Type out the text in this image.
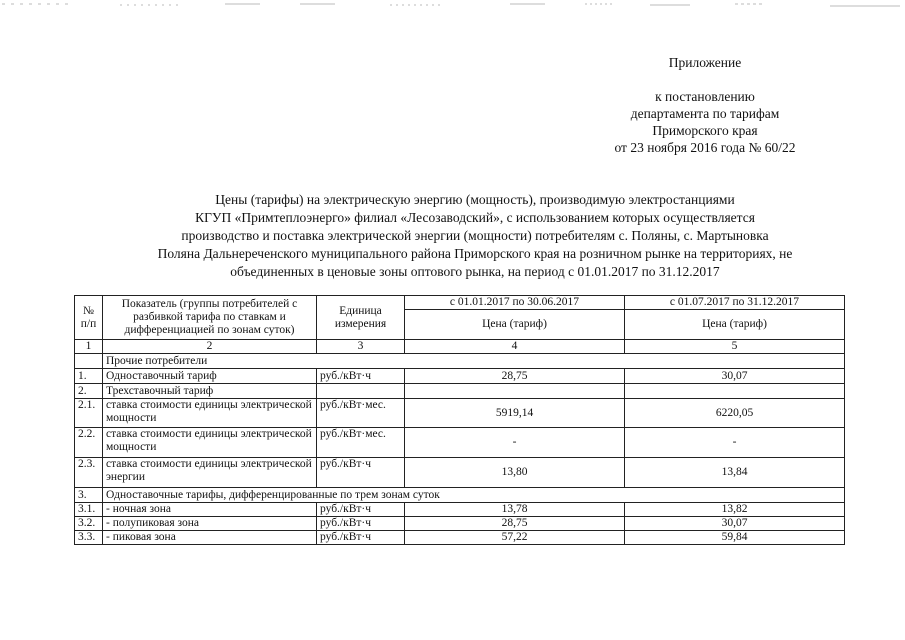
Приложение
к постановлению
департамента по тарифам
Приморского края
от 23 ноября 2016 года № 60/22
Цены (тарифы) на электрическую энергию (мощность), производимую электростанциями
КГУП «Примтеплоэнерго» филиал «Лесозаводский», с использованием которых осуществляется
производство и поставка электрической энергии (мощности) потребителям с. Поляны, с. Мартыновка
Поляна Дальнереченского муниципального района Приморского края на розничном рынке на территориях, не
объединенных в ценовые зоны оптового рынка, на период с 01.01.2017 по 31.12.2017
№ п/п	Показатель (группы потребителей с разбивкой тарифа по ставкам и дифференциацией по зонам суток)	Единица измерения	с 01.01.2017 по 30.06.2017	с 01.07.2017 по 31.12.2017
			Цена (тариф)	Цена (тариф)
1	2	3	4	5
	Прочие потребители			
1.	Одноставочный тариф	руб./кВт·ч	28,75	30,07
2.	Трехставочный тариф			
2.1.	ставка стоимости единицы электрической мощности	руб./кВт·мес.	5919,14	6220,05
2.2.	ставка стоимости единицы электрической мощности	руб./кВт·мес.	-	-
2.3.	ставка стоимости единицы электрической энергии	руб./кВт·ч	13,80	13,84
3.	Одноставочные тарифы, дифференцированные по трем зонам суток			
3.1.	- ночная зона	руб./кВт·ч	13,78	13,82
3.2.	- полупиковая зона	руб./кВт·ч	28,75	30,07
3.3.	- пиковая зона	руб./кВт·ч	57,22	59,84
